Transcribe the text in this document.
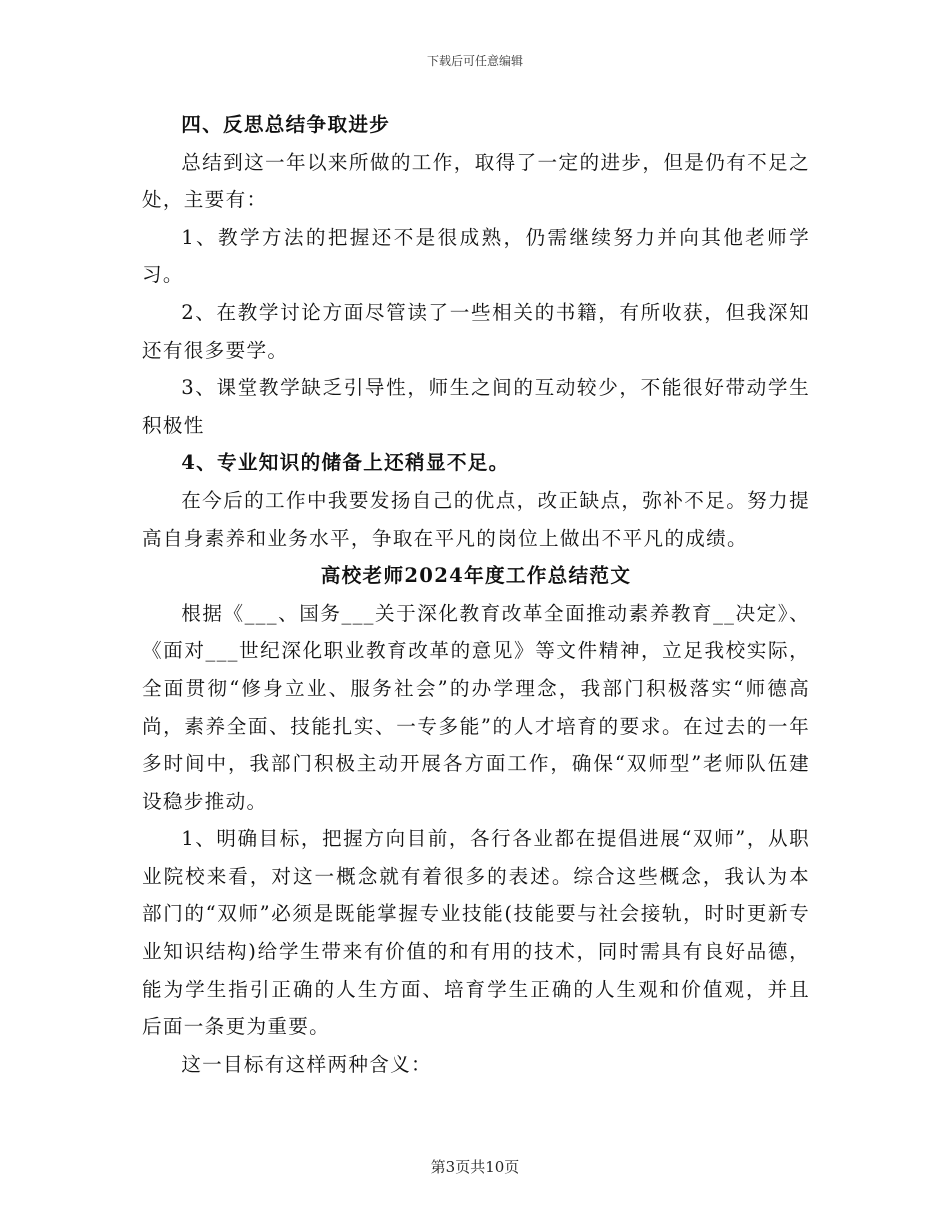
下载后可任意编辑

四、反思总结争取进步

总结到这一年以来所做的工作，取得了一定的进步，但是仍有不足之处，主要有：

1、教学方法的把握还不是很成熟，仍需继续努力并向其他老师学习。

2、在教学讨论方面尽管读了一些相关的书籍，有所收获，但我深知还有很多要学。

3、课堂教学缺乏引导性，师生之间的互动较少，不能很好带动学生积极性

4、专业知识的储备上还稍显不足。

在今后的工作中我要发扬自己的优点，改正缺点，弥补不足。努力提高自身素养和业务水平，争取在平凡的岗位上做出不平凡的成绩。

高校老师2024年度工作总结范文

根据《___、国务___关于深化教育改革全面推动素养教育__决定》、《面对___世纪深化职业教育改革的意见》等文件精神，立足我校实际，全面贯彻“修身立业、服务社会”的办学理念，我部门积极落实“师德高尚，素养全面、技能扎实、一专多能”的人才培育的要求。在过去的一年多时间中，我部门积极主动开展各方面工作，确保“双师型”老师队伍建设稳步推动。

1、明确目标，把握方向目前，各行各业都在提倡进展“双师”，从职业院校来看，对这一概念就有着很多的表述。综合这些概念，我认为本部门的“双师”必须是既能掌握专业技能(技能要与社会接轨，时时更新专业知识结构)给学生带来有价值的和有用的技术，同时需具有良好品德，能为学生指引正确的人生方面、培育学生正确的人生观和价值观，并且后面一条更为重要。

这一目标有这样两种含义：

第3页共10页
